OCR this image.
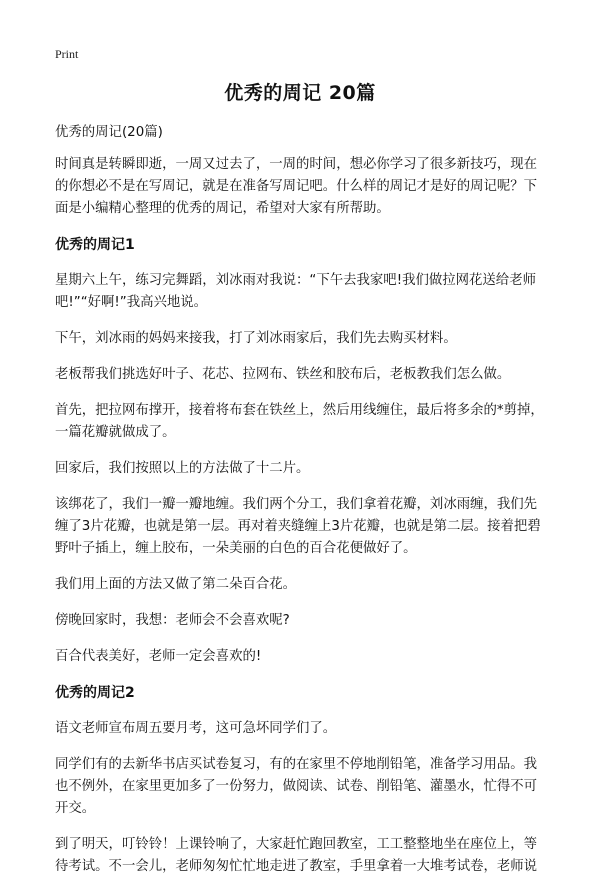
Print
优秀的周记 20篇

优秀的周记(20篇)

时间真是转瞬即逝，一周又过去了，一周的时间，想必你学习了很多新技巧，现在的你想必不是在写周记，就是在准备写周记吧。什么样的周记才是好的周记呢？下面是小编精心整理的优秀的周记，希望对大家有所帮助。

优秀的周记1

星期六上午，练习完舞蹈，刘冰雨对我说：“下午去我家吧!我们做拉网花送给老师吧!”“好啊!”我高兴地说。

下午，刘冰雨的妈妈来接我，打了刘冰雨家后，我们先去购买材料。

老板帮我们挑选好叶子、花芯、拉网布、铁丝和胶布后，老板教我们怎么做。

首先，把拉网布撑开，接着将布套在铁丝上，然后用线缠住，最后将多余的*剪掉，一篇花瓣就做成了。

回家后，我们按照以上的方法做了十二片。

该绑花了，我们一瓣一瓣地缠。我们两个分工，我们拿着花瓣，刘冰雨缠，我们先缠了3片花瓣，也就是第一层。再对着夹缝缠上3片花瓣，也就是第二层。接着把碧野叶子插上，缠上胶布，一朵美丽的白色的百合花便做好了。

我们用上面的方法又做了第二朵百合花。

傍晚回家时，我想：老师会不会喜欢呢?

百合代表美好，老师一定会喜欢的!

优秀的周记2

语文老师宣布周五要月考，这可急坏同学们了。

同学们有的去新华书店买试卷复习，有的在家里不停地削铅笔，准备学习用品。我也不例外，在家里更加多了一份努力，做阅读、试卷、削铅笔、灌墨水，忙得不可开交。

到了明天，叮铃铃！上课铃响了，大家赶忙跑回教室，工工整整地坐在座位上，等待考试。不一会儿，老师匆匆忙忙地走进了教室，手里拿着一大堆考试卷，老师说
